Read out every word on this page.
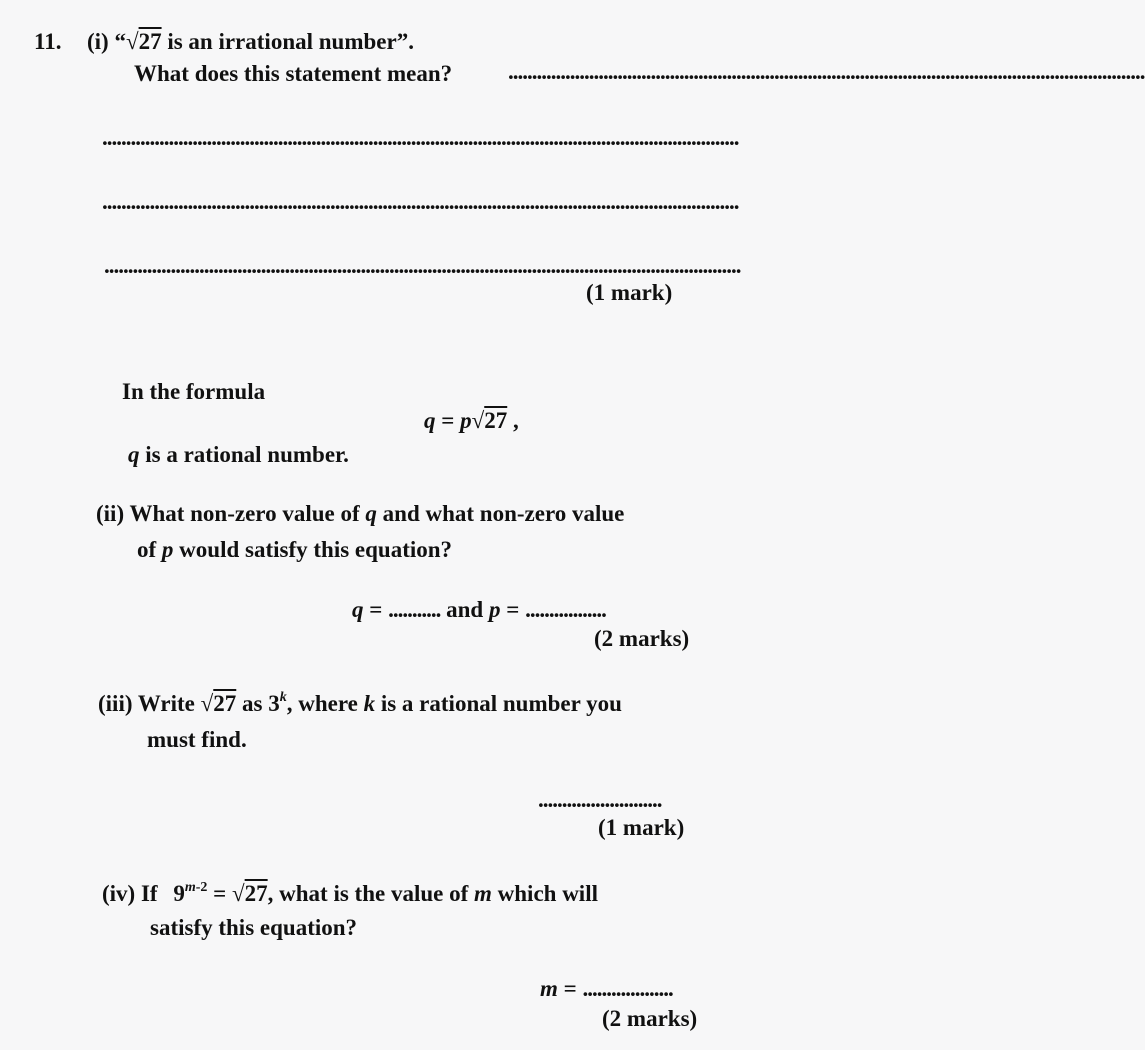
11. (i) “√27 is an irrational number”.
What does this statement mean? ......................................................................................................................................
......................................................................................................................................
......................................................................................................................................
......................................................................................................................................
(1 mark)
In the formula
q = p√27 ,
q is a rational number.
(ii) What non-zero value of q and what non-zero value
of p would satisfy this equation?
q = ........... and p = .................
(2 marks)
(iii) Write √27 as 3$^k$, where k is a rational number you
must find.
..........................
(1 mark)
(iv) If $9^{m-2} = √27$, what is the value of m which will
satisfy this equation?
m = ...................
(2 marks)
